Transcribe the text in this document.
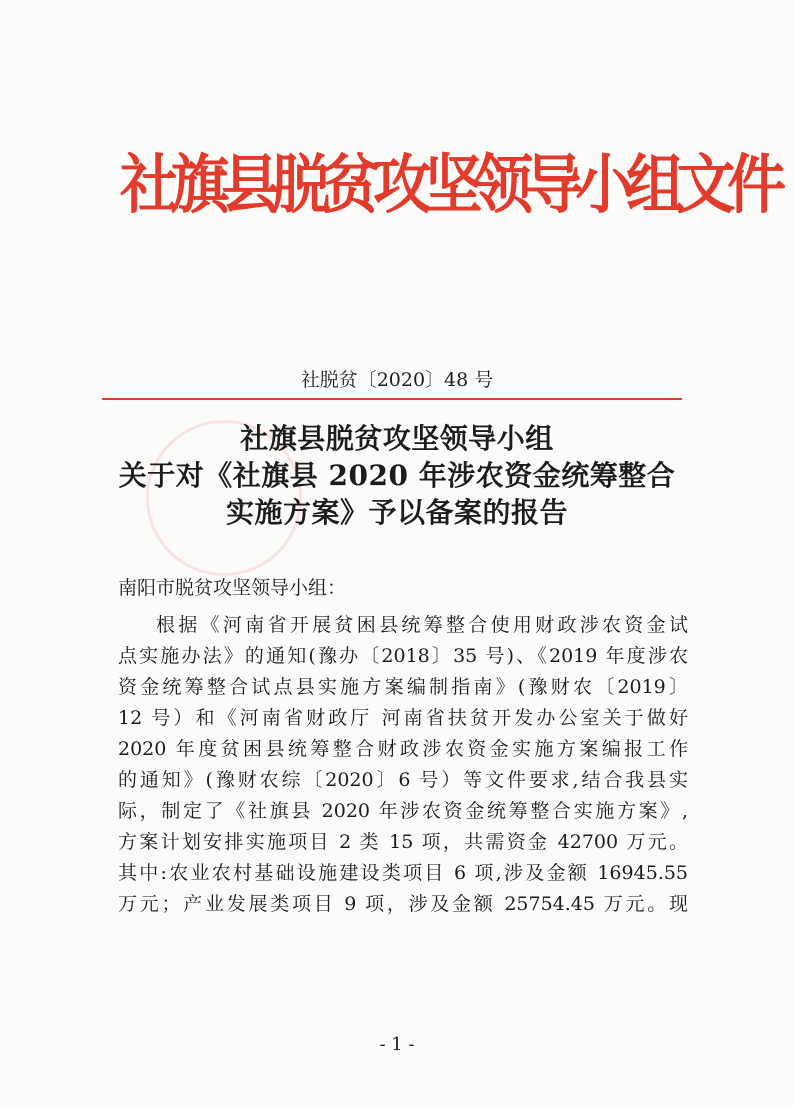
社旗县脱贫攻坚领导小组文件
社脱贫〔2020〕48 号
社旗县脱贫攻坚领导小组
关于对《社旗县 2020 年涉农资金统筹整合
实施方案》予以备案的报告
南阳市脱贫攻坚领导小组：
根据《河南省开展贫困县统筹整合使用财政涉农资金试
点实施办法》的通知(豫办〔2018〕35 号)、《2019 年度涉农
资金统筹整合试点县实施方案编制指南》(豫财农〔2019〕
12 号）和《河南省财政厅 河南省扶贫开发办公室关于做好
2020 年度贫困县统筹整合财政涉农资金实施方案编报工作
的通知》(豫财农综〔2020〕6 号）等文件要求,结合我县实
际，制定了《社旗县 2020 年涉农资金统筹整合实施方案》,
方案计划安排实施项目 2 类 15 项，共需资金 42700 万元。
其中:农业农村基础设施建设类项目 6 项,涉及金额 16945.55
万元；产业发展类项目 9 项，涉及金额 25754.45 万元。现
- 1 -
